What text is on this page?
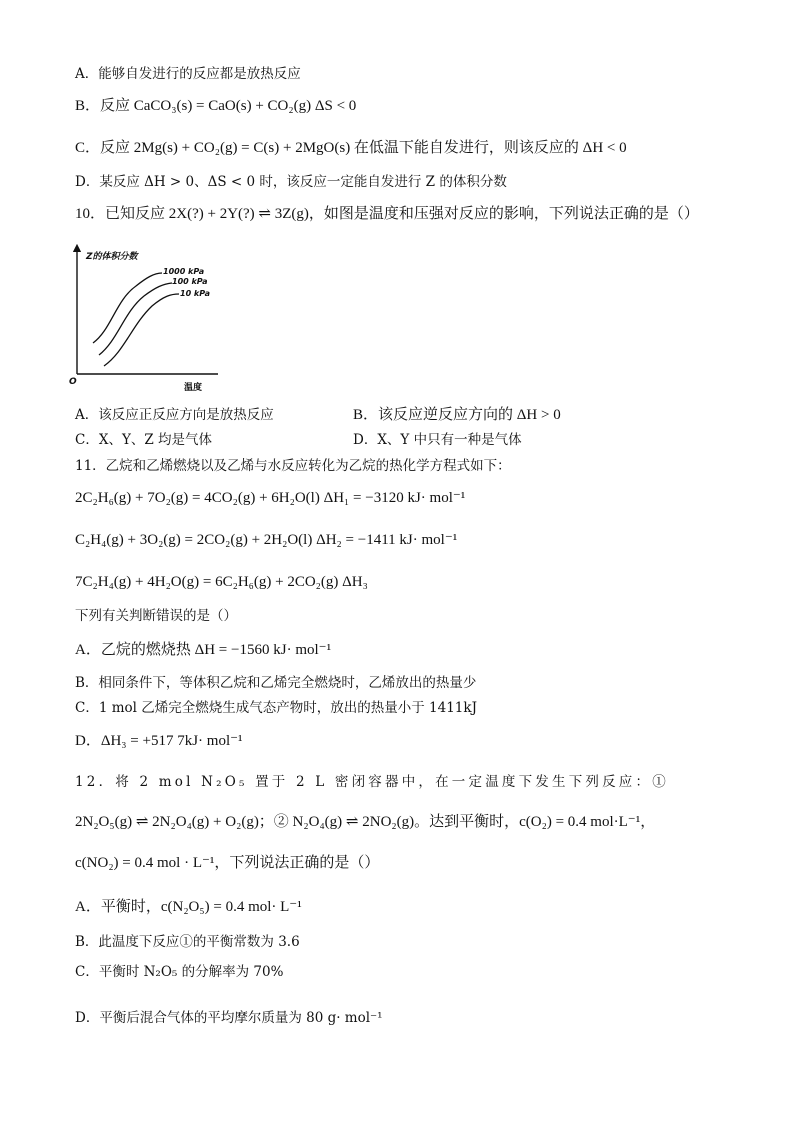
A．能够自发进行的反应都是放热反应
B．反应 CaCO₃(s) = CaO(s) + CO₂(g) ΔS < 0
C．反应 2Mg(s) + CO₂(g) = C(s) + 2MgO(s) 在低温下能自发进行，则该反应的 ΔH < 0
D．某反应 ΔH > 0、ΔS < 0 时，该反应一定能自发进行 Z 的体积分数
10．已知反应 2X(?) + 2Y(?) ⇌ 3Z(g)，如图是温度和压强对反应的影响，下列说法正确的是（）
Z的体积分数
温度
O
1000 kPa
100 kPa
10 kPa
A．该反应正反应方向是放热反应	B．该反应逆反应方向的 ΔH > 0
C．X、Y、Z 均是气体	D．X、Y 中只有一种是气体
11．乙烷和乙烯燃烧以及乙烯与水反应转化为乙烷的热化学方程式如下：
2C₂H₆(g) + 7O₂(g) = 4CO₂(g) + 6H₂O(l) ΔH₁ = −3120 kJ· mol⁻¹
C₂H₄(g) + 3O₂(g) = 2CO₂(g) + 2H₂O(l) ΔH₂ = −1411 kJ· mol⁻¹
7C₂H₄(g) + 4H₂O(g) = 6C₂H₆(g) + 2CO₂(g) ΔH₃
下列有关判断错误的是（）
A．乙烷的燃烧热 ΔH = −1560 kJ· mol⁻¹
B．相同条件下，等体积乙烷和乙烯完全燃烧时，乙烯放出的热量少
C．1 mol 乙烯完全燃烧生成气态产物时，放出的热量小于 1411kJ
D．ΔH₃ = +517 7kJ· mol⁻¹
12．将 2 mol N₂O₅ 置于 2 L 密闭容器中，在一定温度下发生下列反应：①
2N₂O₅(g) ⇌ 2N₂O₄(g) + O₂(g)；② N₂O₄(g) ⇌ 2NO₂(g)。达到平衡时，c(O₂) = 0.4 mol·L⁻¹，
c(NO₂) = 0.4 mol · L⁻¹，下列说法正确的是（）
A．平衡时，c(N₂O₅) = 0.4 mol· L⁻¹
B．此温度下反应①的平衡常数为 3.6
C．平衡时 N₂O₅ 的分解率为 70%
D．平衡后混合气体的平均摩尔质量为 80 g· mol⁻¹
